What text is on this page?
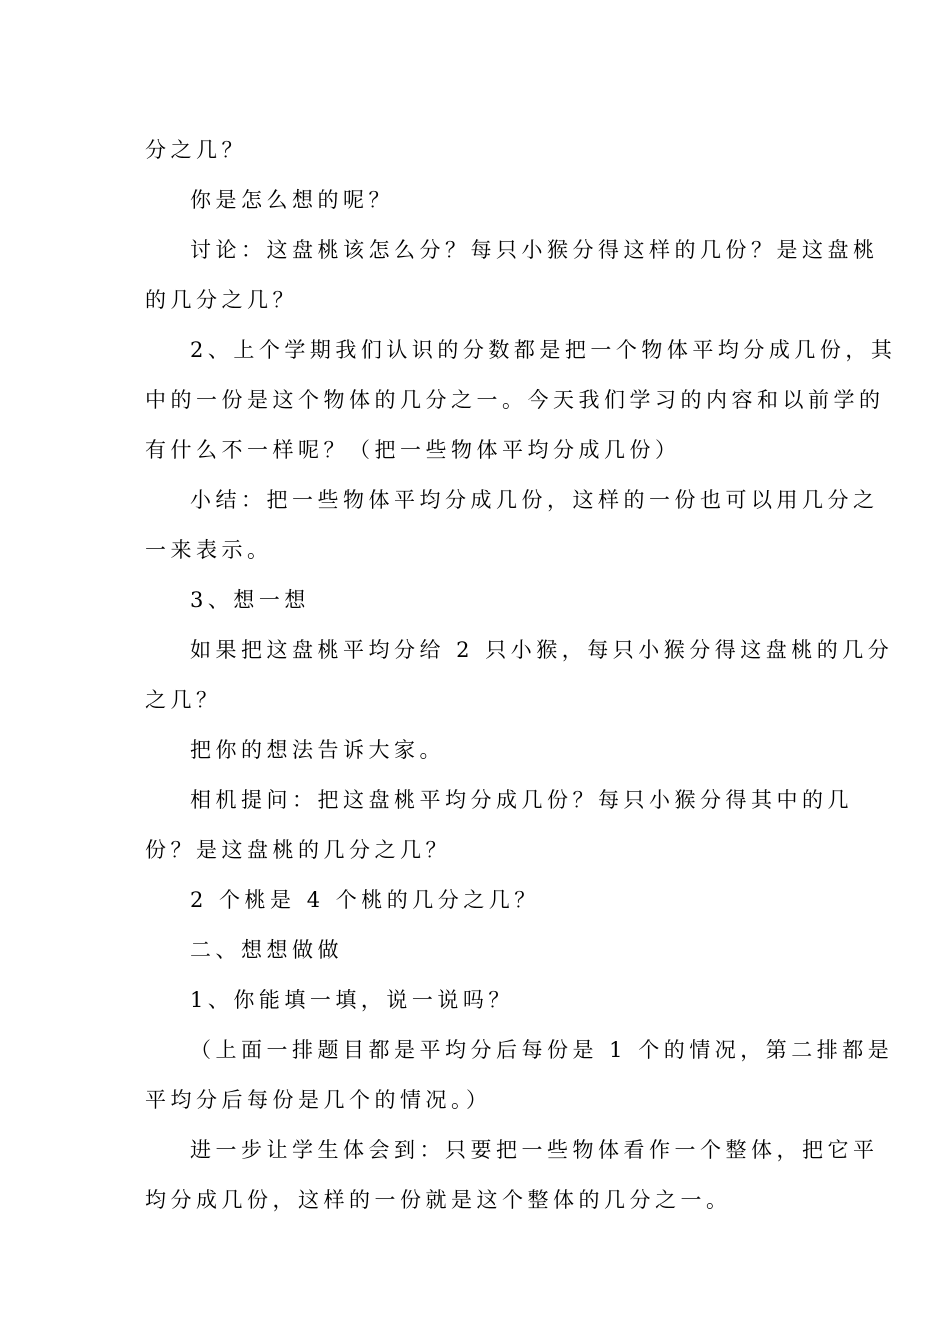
分之几？
你是怎么想的呢？
讨论：这盘桃该怎么分？每只小猴分得这样的几份？是这盘桃
的几分之几？
2、上个学期我们认识的分数都是把一个物体平均分成几份，其
中的一份是这个物体的几分之一。今天我们学习的内容和以前学的
有什么不一样呢？（把一些物体平均分成几份）
小结：把一些物体平均分成几份，这样的一份也可以用几分之
一来表示。
3、想一想
如果把这盘桃平均分给 2 只小猴，每只小猴分得这盘桃的几分
之几？
把你的想法告诉大家。
相机提问：把这盘桃平均分成几份？每只小猴分得其中的几
份？是这盘桃的几分之几？
2 个桃是 4 个桃的几分之几？
二、想想做做
1、你能填一填，说一说吗？
（上面一排题目都是平均分后每份是 1 个的情况，第二排都是
平均分后每份是几个的情况。）
进一步让学生体会到：只要把一些物体看作一个整体，把它平
均分成几份，这样的一份就是这个整体的几分之一。
